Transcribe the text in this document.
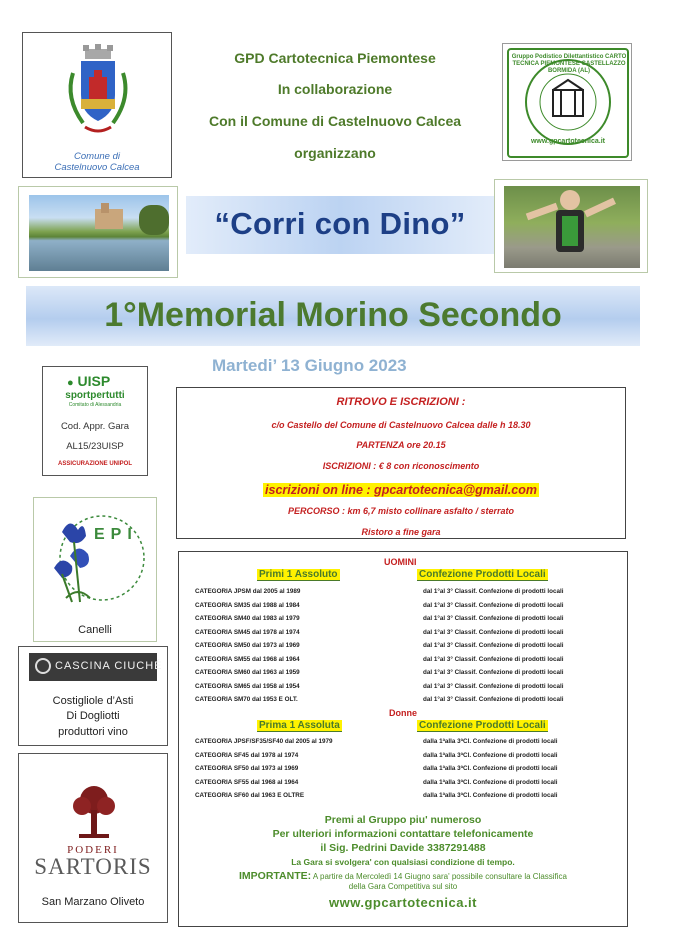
GPD Cartotecnica Piemontese
In collaborazione
Con il Comune di Castelnuovo Calcea
organizzano
Comune di
Castelnuovo Calcea
Gruppo Podistico Dilettantistico CARTOTECNICA PIEMONTESE CASTELLAZZO BORMIDA (AL)
www.gpcartotecnica.it
“Corri con Dino”
1°Memorial Morino Secondo
Martedi’ 13 Giugno 2023
● UISP
sportpertutti
Comitato di Alessandria
Cod. Appr. Gara
AL15/23UISP
ASSICURAZIONE UNIPOL
RITROVO E ISCRIZIONI :
c/o Castello del Comune di Castelnuovo Calcea dalle h 18.30
PARTENZA ore 20.15
ISCRIZIONI : € 8 con riconoscimento
iscrizioni on line : gpcartotecnica@gmail.com
PERCORSO : km 6,7 misto collinare asfalto / sterrato
Ristoro a fine gara
EPI
Canelli
CASCINA CIUCHÉ
Costigliole d’Asti
Di Dogliotti
produttori vino
PODERI
SARTORIS
San Marzano Oliveto
UOMINI
Primi 1 Assoluto	Confezione Prodotti Locali
CATEGORIA JPSM dal 2005 al 1989	dal 1°al 3° Classif. Confezione di prodotti locali
CATEGORIA SM35 dal 1988 al 1984	dal 1°al 3° Classif. Confezione di prodotti locali
CATEGORIA SM40 dal 1983 al 1979	dal 1°al 3° Classif. Confezione di prodotti locali
CATEGORIA SM45 dal 1978 al 1974	dal 1°al 3° Classif. Confezione di prodotti locali
CATEGORIA SM50 dal 1973 al 1969	dal 1°al 3° Classif. Confezione di prodotti locali
CATEGORIA SM55 dal 1968 al 1964	dal 1°al 3° Classif. Confezione di prodotti locali
CATEGORIA SM60 dal 1963 al 1959	dal 1°al 3° Classif. Confezione di prodotti locali
CATEGORIA SM65 dal 1958 al 1954	dal 1°al 3° Classif. Confezione di prodotti locali
CATEGORIA SM70 dal 1953 E OLT.	dal 1°al 3° Classif. Confezione di prodotti locali
Donne
Prima 1 Assoluta	Confezione Prodotti Locali
CATEGORIA JPSF/SF35/SF40 dal 2005 al 1979	dalla 1ªalla 3ªCl. Confezione di prodotti locali
CATEGORIA SF45 dal 1978 al 1974	dalla 1ªalla 3ªCl. Confezione di prodotti locali
CATEGORIA SF50 dal 1973 al 1969	dalla 1ªalla 3ªCl. Confezione di prodotti locali
CATEGORIA SF55 dal 1968 al 1964	dalla 1ªalla 3ªCl. Confezione di prodotti locali
CATEGORIA SF60 dal 1963 E OLTRE	dalla 1ªalla 3ªCl. Confezione di prodotti locali
Premi al Gruppo piu' numeroso
Per ulteriori informazioni contattare telefonicamente
il Sig. Pedrini Davide 3387291488
La Gara si svolgera' con qualsiasi condizione di tempo.
IMPORTANTE: A partire da Mercoledì 14 Giugno sara' possibile consultare la Classifica
della Gara Competitiva sul sito
www.gpcartotecnica.it
